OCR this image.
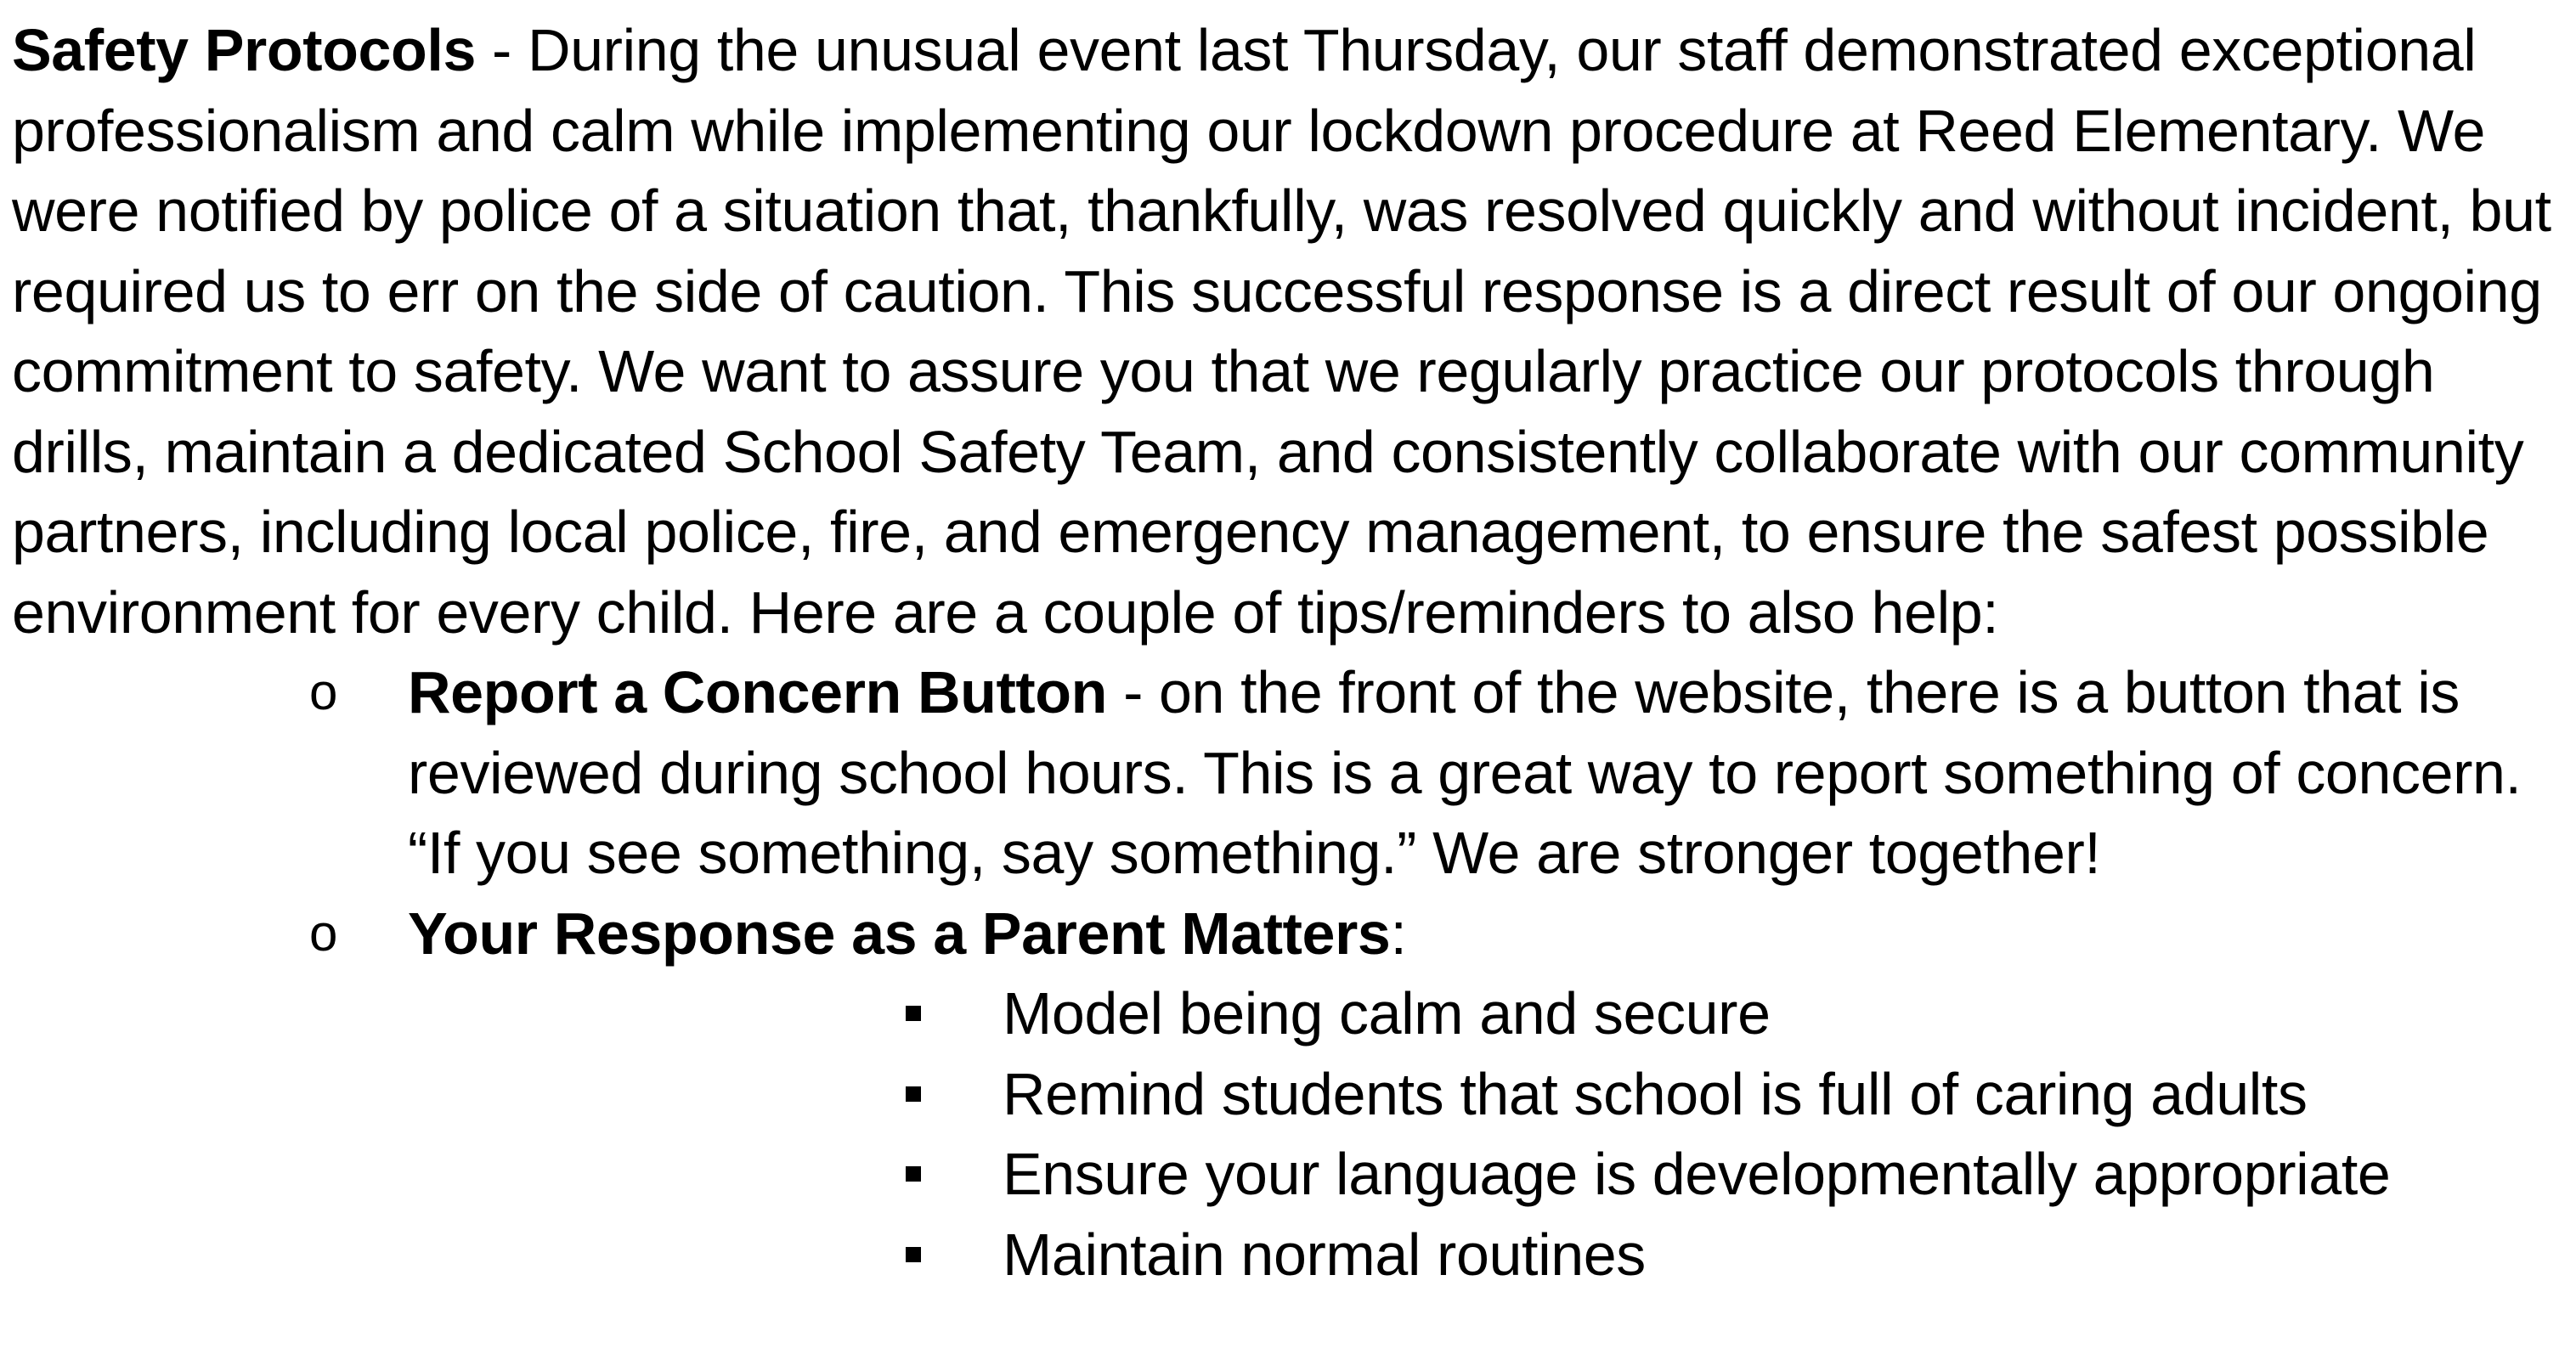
Safety Protocols - During the unusual event last Thursday, our staff demonstrated exceptional professionalism and calm while implementing our lockdown procedure at Reed Elementary. We were notified by police of a situation that, thankfully, was resolved quickly and without incident, but required us to err on the side of caution. This successful response is a direct result of our ongoing commitment to safety. We want to assure you that we regularly practice our protocols through drills, maintain a dedicated School Safety Team, and consistently collaborate with our community partners, including local police, fire, and emergency management, to ensure the safest possible environment for every child. Here are a couple of tips/reminders to also help:

o Report a Concern Button - on the front of the website, there is a button that is reviewed during school hours. This is a great way to report something of concern. “If you see something, say something.” We are stronger together!
o Your Response as a Parent Matters:
Model being calm and secure
Remind students that school is full of caring adults
Ensure your language is developmentally appropriate
Maintain normal routines
